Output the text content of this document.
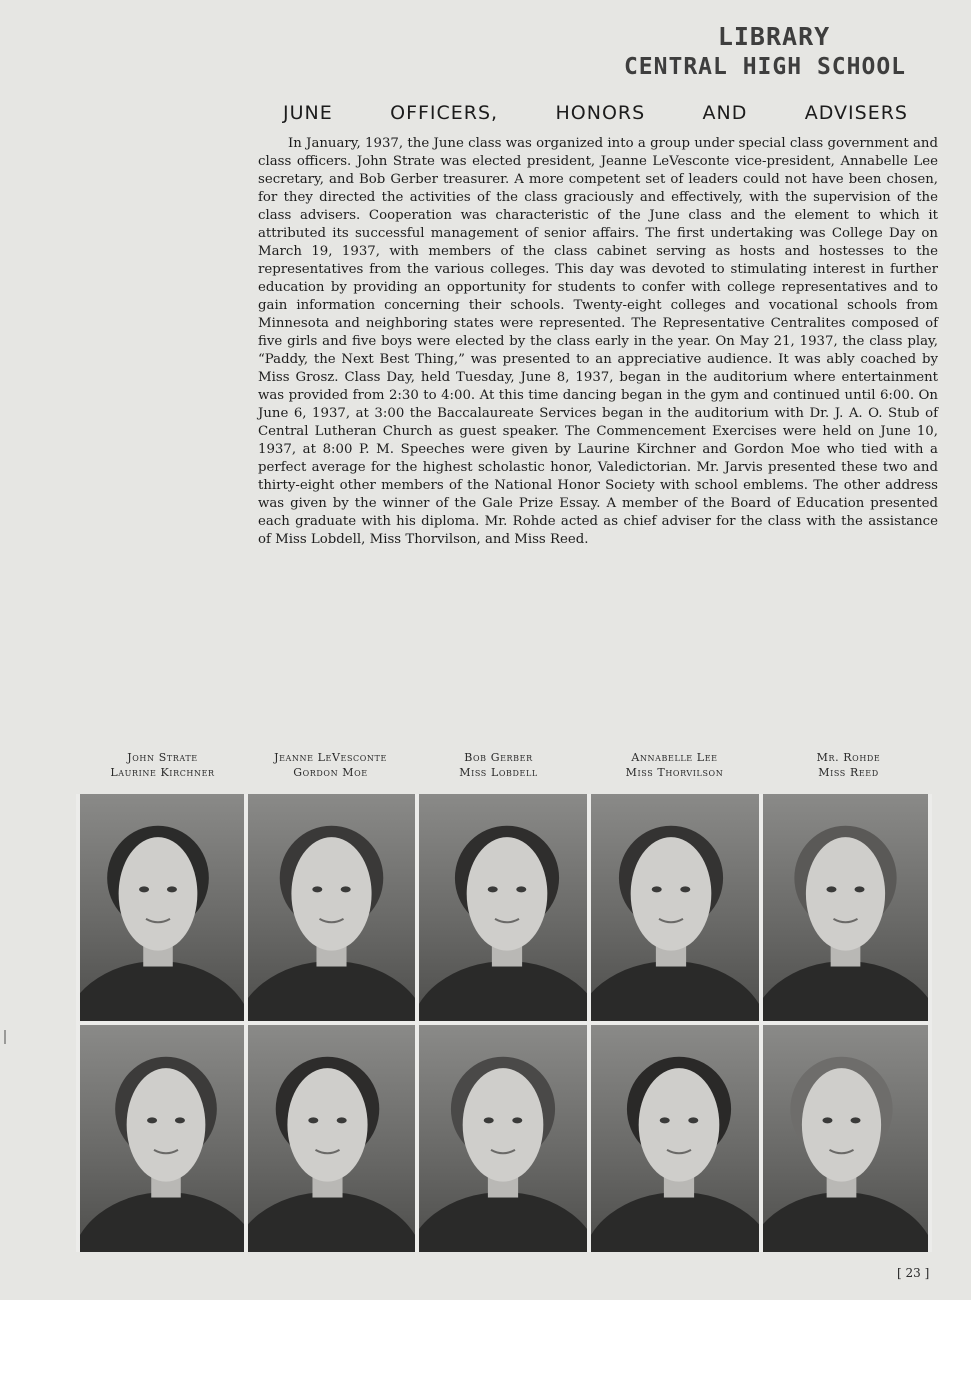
LIBRARY
CENTRAL HIGH SCHOOL
JUNE	OFFICERS,	HONORS	AND	ADVISERS

In January, 1937, the June class was organized into a group under special class government and class officers. John Strate was elected president, Jeanne LeVesconte vice-president, Annabelle Lee secretary, and Bob Gerber treasurer. A more competent set of leaders could not have been chosen, for they directed the activities of the class graciously and effectively, with the supervision of the class advisers. Cooperation was characteristic of the June class and the element to which it attributed its successful management of senior affairs. The first undertaking was College Day on March 19, 1937, with members of the class cabinet serving as hosts and hostesses to the representatives from the various colleges. This day was devoted to stimulating interest in further education by providing an opportunity for students to confer with college representatives and to gain information concerning their schools. Twenty-eight colleges and vocational schools from Minnesota and neighboring states were represented. The Representative Centralites composed of five girls and five boys were elected by the class early in the year. On May 21, 1937, the class play, “Paddy, the Next Best Thing,” was presented to an appreciative audience. It was ably coached by Miss Grosz. Class Day, held Tuesday, June 8, 1937, began in the auditorium where entertainment was provided from 2:30 to 4:00. At this time dancing began in the gym and continued until 6:00. On June 6, 1937, at 3:00 the Baccalaureate Services began in the auditorium with Dr. J. A. O. Stub of Central Lutheran Church as guest speaker. The Commencement Exercises were held on June 10, 1937, at 8:00 P. M. Speeches were given by Laurine Kirchner and Gordon Moe who tied with a perfect average for the highest scholastic honor, Valedictorian. Mr. Jarvis presented these two and thirty-eight other members of the National Honor Society with school emblems. The other address was given by the winner of the Gale Prize Essay. A member of the Board of Education presented each graduate with his diploma. Mr. Rohde acted as chief adviser for the class with the assistance of Miss Lobdell, Miss Thorvilson, and Miss Reed.

John Strate
Laurine Kirchner
Jeanne LeVesconte
Gordon Moe
Bob Gerber
Miss Lobdell
Annabelle Lee
Miss Thorvilson
Mr. Rohde
Miss Reed
[ 23 ]
